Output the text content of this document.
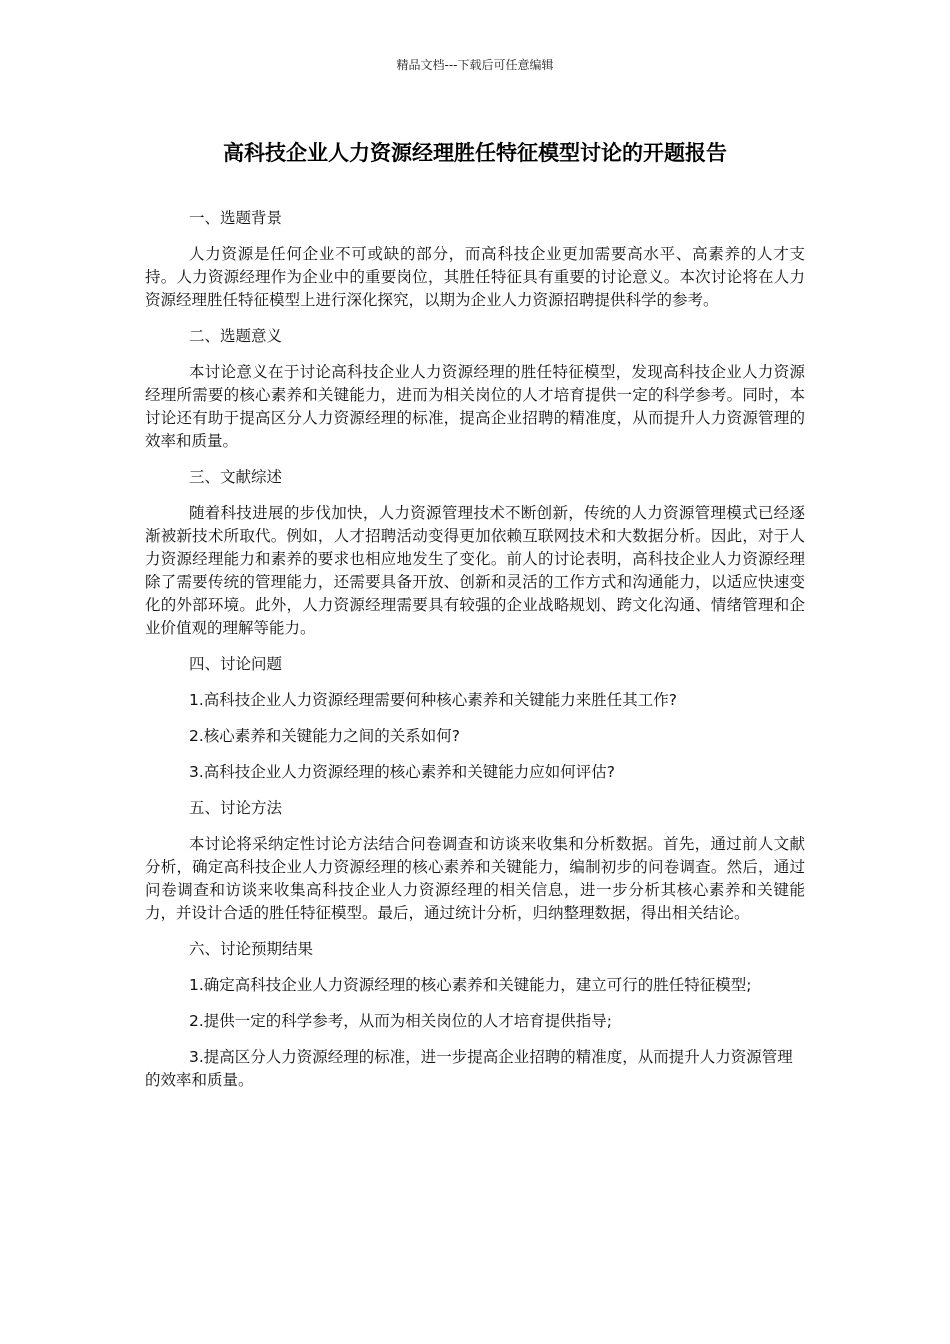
精品文档---下载后可任意编辑
高科技企业人力资源经理胜任特征模型讨论的开题报告
一、选题背景
人力资源是任何企业不可或缺的部分，而高科技企业更加需要高水平、高素养的人才支持。人力资源经理作为企业中的重要岗位，其胜任特征具有重要的讨论意义。本次讨论将在人力资源经理胜任特征模型上进行深化探究，以期为企业人力资源招聘提供科学的参考。
二、选题意义
本讨论意义在于讨论高科技企业人力资源经理的胜任特征模型，发现高科技企业人力资源经理所需要的核心素养和关键能力，进而为相关岗位的人才培育提供一定的科学参考。同时，本讨论还有助于提高区分人力资源经理的标准，提高企业招聘的精准度，从而提升人力资源管理的效率和质量。
三、文献综述
随着科技进展的步伐加快，人力资源管理技术不断创新，传统的人力资源管理模式已经逐渐被新技术所取代。例如，人才招聘活动变得更加依赖互联网技术和大数据分析。因此，对于人力资源经理能力和素养的要求也相应地发生了变化。前人的讨论表明，高科技企业人力资源经理除了需要传统的管理能力，还需要具备开放、创新和灵活的工作方式和沟通能力，以适应快速变化的外部环境。此外，人力资源经理需要具有较强的企业战略规划、跨文化沟通、情绪管理和企业价值观的理解等能力。
四、讨论问题
1.高科技企业人力资源经理需要何种核心素养和关键能力来胜任其工作?
2.核心素养和关键能力之间的关系如何?
3.高科技企业人力资源经理的核心素养和关键能力应如何评估?
五、讨论方法
本讨论将采纳定性讨论方法结合问卷调查和访谈来收集和分析数据。首先，通过前人文献分析，确定高科技企业人力资源经理的核心素养和关键能力，编制初步的问卷调查。然后，通过问卷调查和访谈来收集高科技企业人力资源经理的相关信息，进一步分析其核心素养和关键能力，并设计合适的胜任特征模型。最后，通过统计分析，归纳整理数据，得出相关结论。
六、讨论预期结果
1.确定高科技企业人力资源经理的核心素养和关键能力，建立可行的胜任特征模型;
2.提供一定的科学参考，从而为相关岗位的人才培育提供指导;
3.提高区分人力资源经理的标准，进一步提高企业招聘的精准度，从而提升人力资源管理的效率和质量。
